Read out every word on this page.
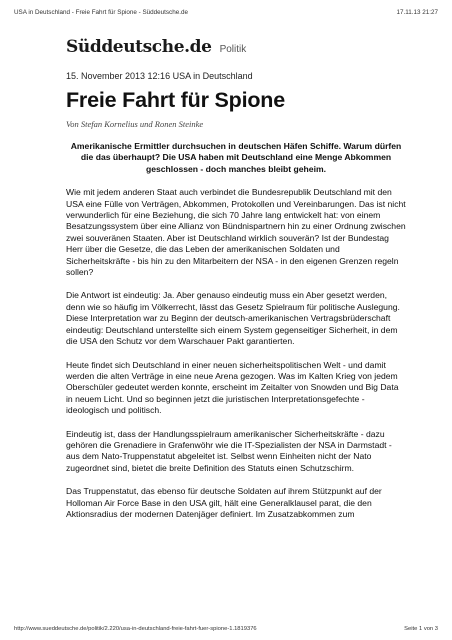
USA in Deutschland - Freie Fahrt für Spione - Süddeutsche.de	17.11.13 21:27
Süddeutsche.de Politik
15. November 2013 12:16 USA in Deutschland
Freie Fahrt für Spione
Von Stefan Kornelius und Ronen Steinke

Amerikanische Ermittler durchsuchen in deutschen Häfen Schiffe. Warum dürfen die das überhaupt? Die USA haben mit Deutschland eine Menge Abkommen geschlossen - doch manches bleibt geheim.

Wie mit jedem anderen Staat auch verbindet die Bundesrepublik Deutschland mit den USA eine Fülle von Verträgen, Abkommen, Protokollen und Vereinbarungen. Das ist nicht verwunderlich für eine Beziehung, die sich 70 Jahre lang entwickelt hat: von einem Besatzungssystem über eine Allianz von Bündnispartnern hin zu einer Ordnung zwischen zwei souveränen Staaten. Aber ist Deutschland wirklich souverän? Ist der Bundestag Herr über die Gesetze, die das Leben der amerikanischen Soldaten und Sicherheitskräfte - bis hin zu den Mitarbeitern der NSA - in den eigenen Grenzen regeln sollen?

Die Antwort ist eindeutig: Ja. Aber genauso eindeutig muss ein Aber gesetzt werden, denn wie so häufig im Völkerrecht, lässt das Gesetz Spielraum für politische Auslegung. Diese Interpretation war zu Beginn der deutsch-amerikanischen Vertragsbrüderschaft eindeutig: Deutschland unterstellte sich einem System gegenseitiger Sicherheit, in dem die USA den Schutz vor dem Warschauer Pakt garantierten.

Heute findet sich Deutschland in einer neuen sicherheitspolitischen Welt - und damit werden die alten Verträge in eine neue Arena gezogen. Was im Kalten Krieg von jedem Oberschüler gedeutet werden konnte, erscheint im Zeitalter von Snowden und Big Data in neuem Licht. Und so beginnen jetzt die juristischen Interpretationsgefechte - ideologisch und politisch.

Eindeutig ist, dass der Handlungsspielraum amerikanischer Sicherheitskräfte - dazu gehören die Grenadiere in Grafenwöhr wie die IT-Spezialisten der NSA in Darmstadt - aus dem Nato-Truppenstatut abgeleitet ist. Selbst wenn Einheiten nicht der Nato zugeordnet sind, bietet die breite Definition des Statuts einen Schutzschirm.

Das Truppenstatut, das ebenso für deutsche Soldaten auf ihrem Stützpunkt auf der Holloman Air Force Base in den USA gilt, hält eine Generalklausel parat, die den Aktionsradius der modernen Datenjäger definiert. Im Zusatzabkommen zum

http://www.sueddeutsche.de/politik/2.220/usa-in-deutschland-freie-fahrt-fuer-spione-1.1819376	Seite 1 von 3
